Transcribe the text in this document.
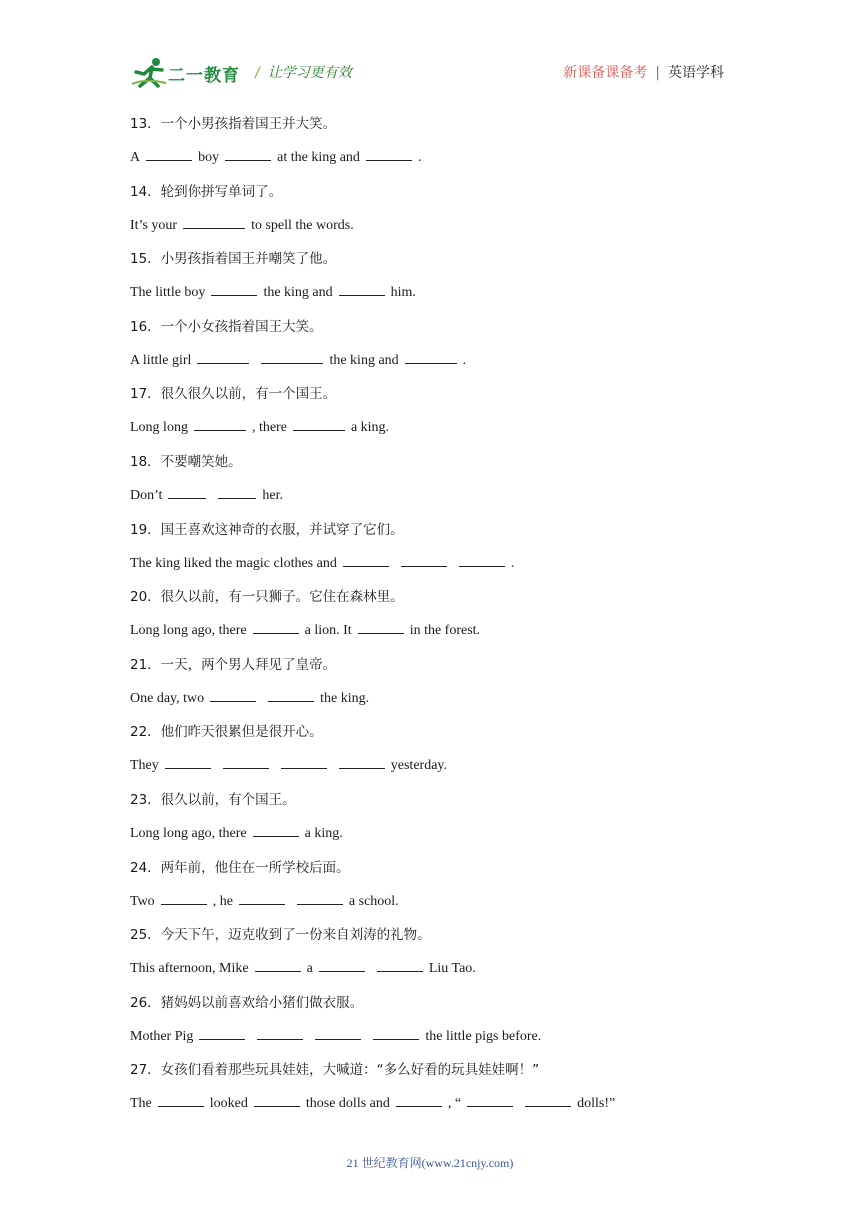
二一教育 / 让学习更有效	新课备课备考 | 英语学科
13．一个小男孩指着国王并大笑。
A	boy	at the king and	.
14．轮到你拼写单词了。
It’s your	to spell the words.
15．小男孩指着国王并嘲笑了他。
The little boy	the king and	him.
16．一个小女孩指着国王大笑。
A little girl	the king and	.
17．很久很久以前，有一个国王。
Long long	, there	a king.
18．不要嘲笑她。
Don’t	her.
19．国王喜欢这神奇的衣服，并试穿了它们。
The king liked the magic clothes and	.
20．很久以前，有一只狮子。它住在森林里。
Long long ago, there	a lion. It	in the forest.
21．一天，两个男人拜见了皇帝。
One day, two	the king.
22．他们昨天很累但是很开心。
They	yesterday.
23．很久以前，有个国王。
Long long ago, there	a king.
24．两年前，他住在一所学校后面。
Two	, he	a school.
25．今天下午，迈克收到了一份来自刘涛的礼物。
This afternoon, Mike	a	Liu Tao.
26．猪妈妈以前喜欢给小猪们做衣服。
Mother Pig	the little pigs before.
27．女孩们看着那些玩具娃娃，大喊道：“多么好看的玩具娃娃啊！”
The	looked	those dolls and	, “	dolls!”
21 世纪教育网(www.21cnjy.com)
